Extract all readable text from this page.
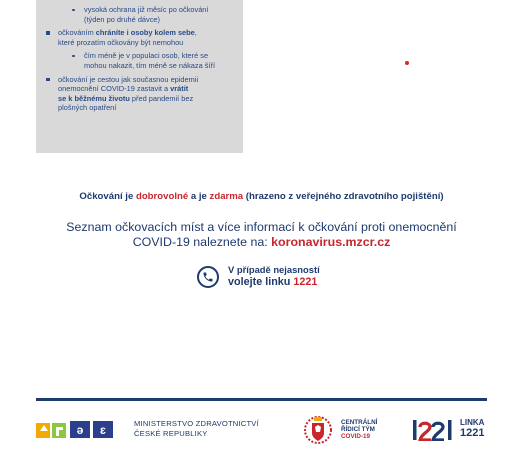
vysoká ochrana již měsíc po očkování
(týden po druhé dávce)
očkováním chráníte i osoby kolem sebe,
které prozatím očkovány být nemohou
čím méně je v populaci osob, které se
mohou nakazit, tím méně se nákaza šíří
očkování je cestou jak současnou epidemii
onemocnění COVID-19 zastavit a vrátit
se k běžnému životu před pandemií bez
plošných opatření
Očkování je dobrovolné a je zdarma (hrazeno z veřejného zdravotního pojištění)
Seznam očkovacích míst a více informací k očkování proti onemocnění
COVID-19 naleznete na: koronavirus.mzcr.cz
V případě nejasností
volejte linku 1221
ǝ ɛ	MINISTERSTVO ZDRAVOTNICTVÍ
ČESKÉ REPUBLIKY
CENTRÁLNÍ
ŘÍDICÍ TÝM
COVID-19
LINKA
1221
